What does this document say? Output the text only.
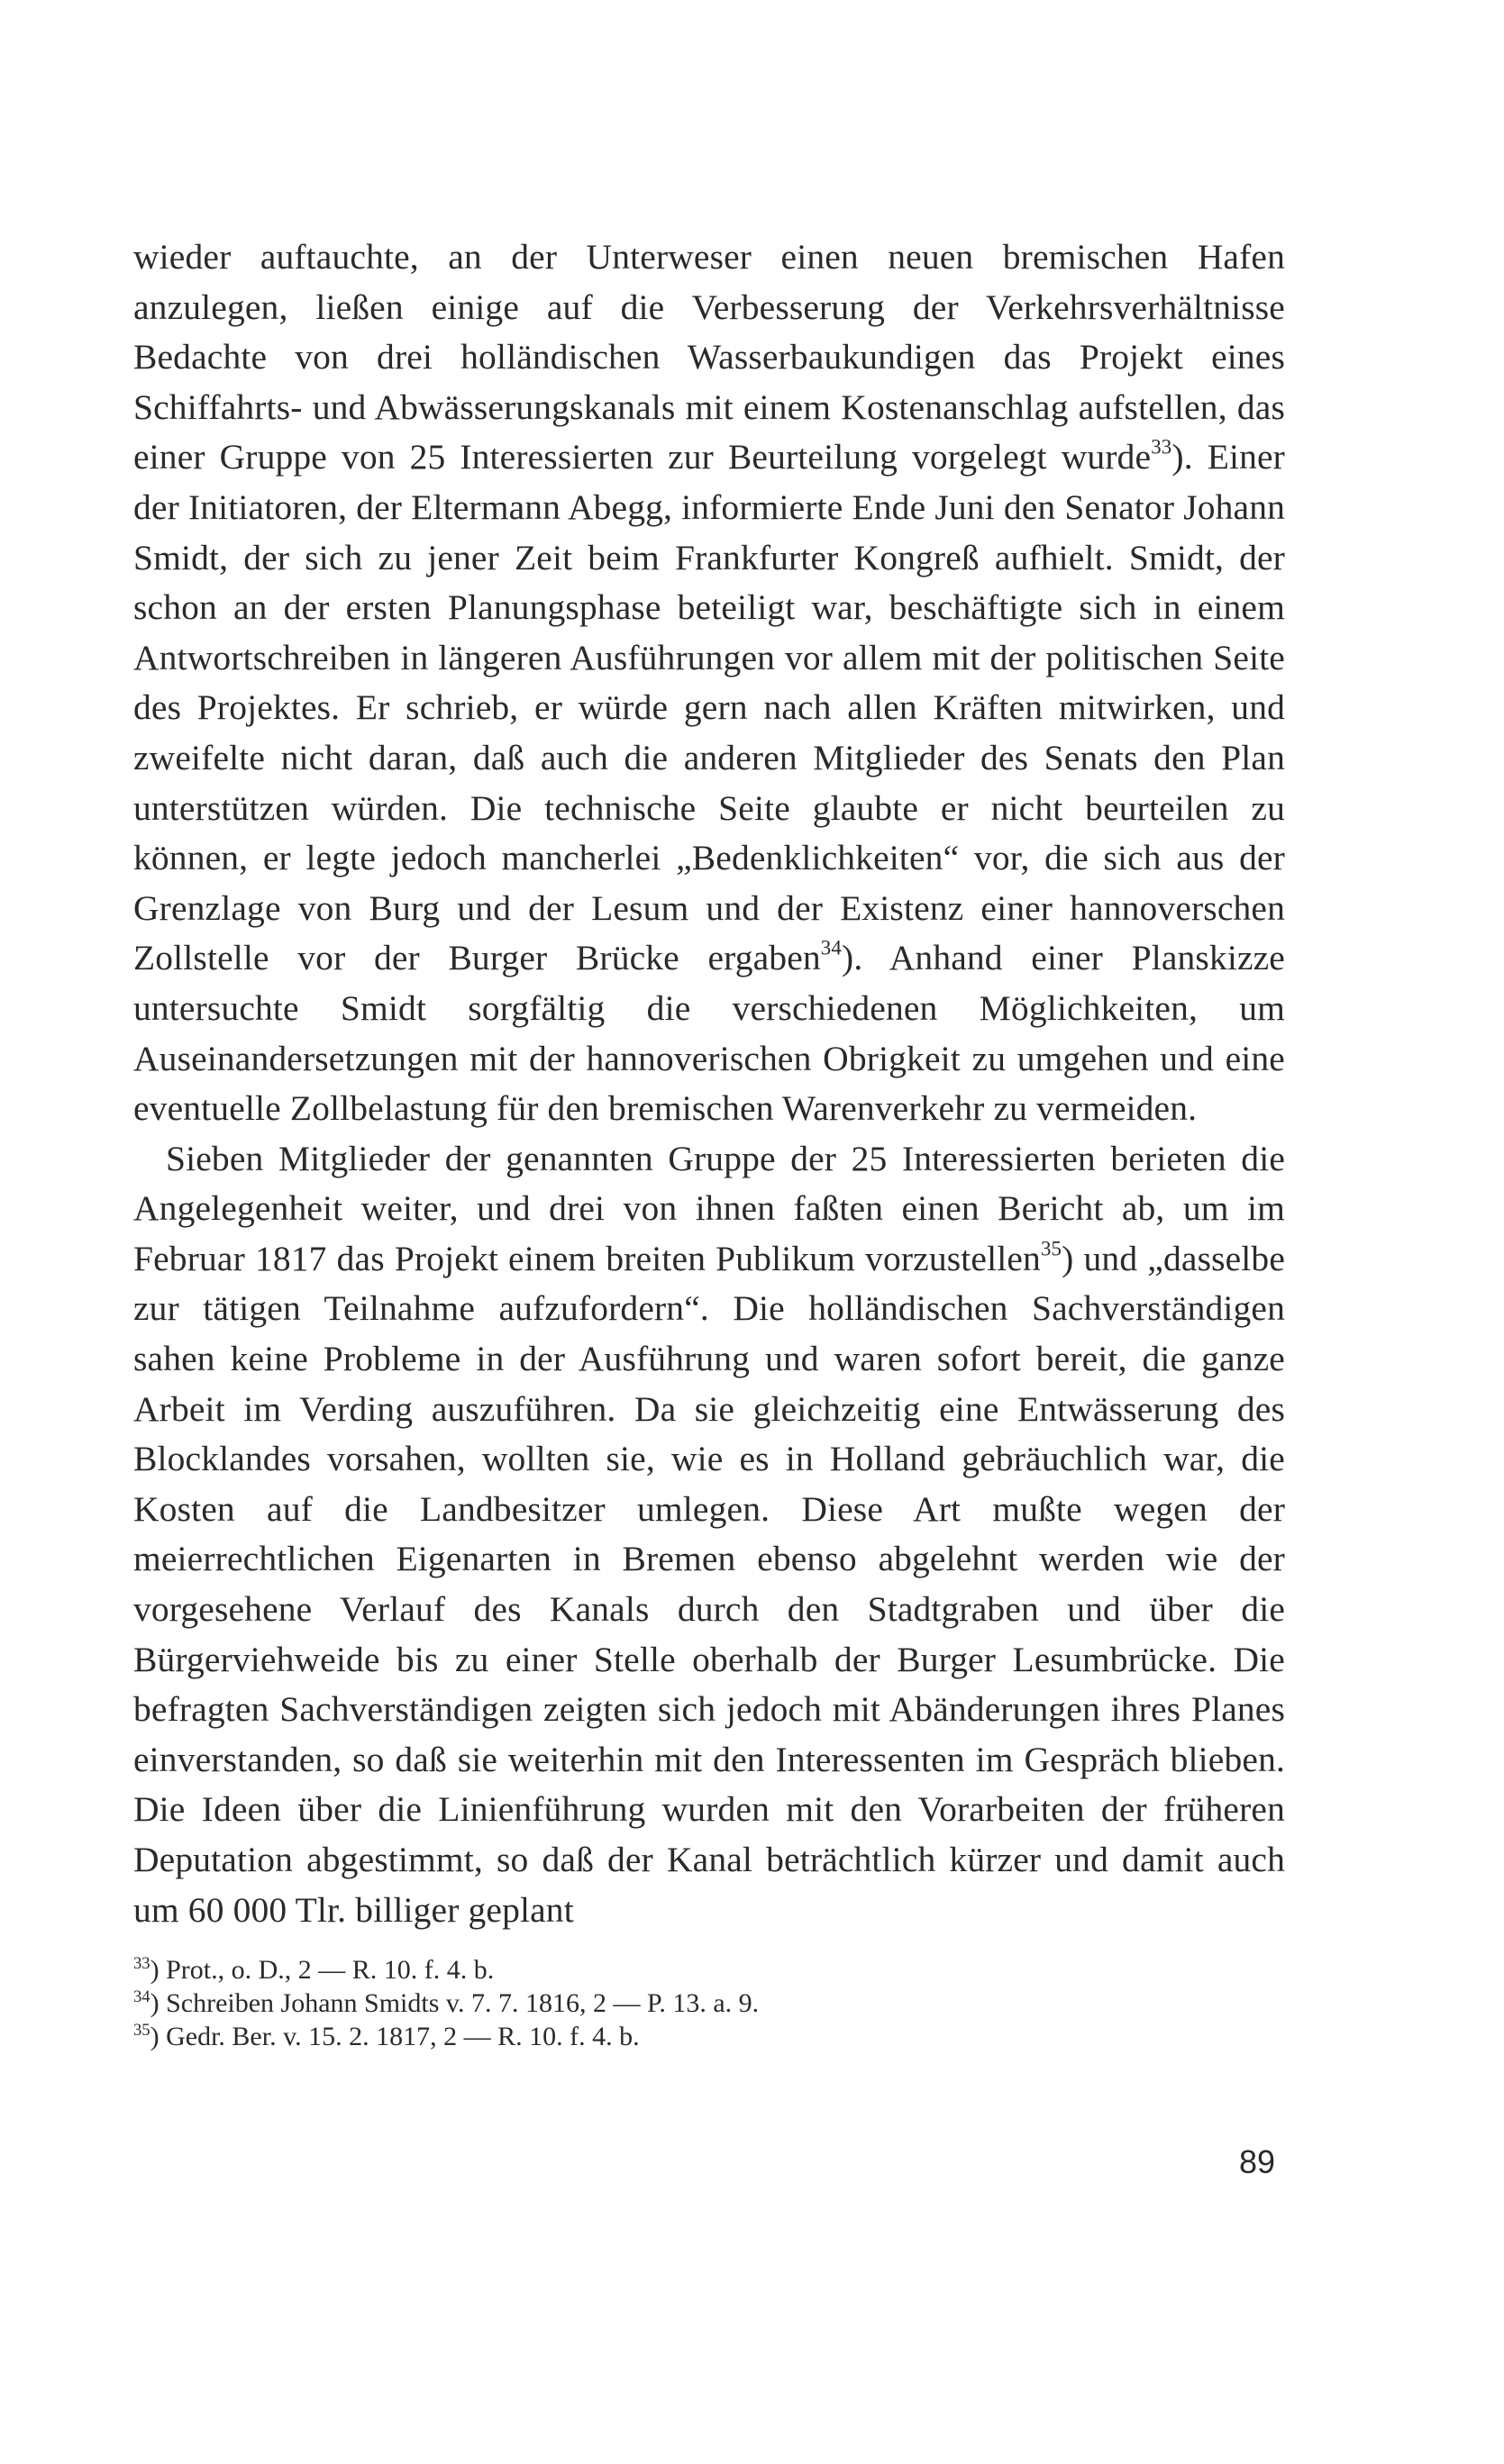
wieder auftauchte, an der Unterweser einen neuen bremischen Hafen anzulegen, ließen einige auf die Verbesserung der Verkehrsverhältnisse Bedachte von drei holländischen Wasserbaukundigen das Projekt eines Schiffahrts- und Abwässerungskanals mit einem Kostenanschlag aufstellen, das einer Gruppe von 25 Interessierten zur Beurteilung vorgelegt wurde$^{33}$). Einer der Initiatoren, der Eltermann Abegg, informierte Ende Juni den Senator Johann Smidt, der sich zu jener Zeit beim Frankfurter Kongreß aufhielt. Smidt, der schon an der ersten Planungsphase beteiligt war, beschäftigte sich in einem Antwortschreiben in längeren Ausführungen vor allem mit der politischen Seite des Projektes. Er schrieb, er würde gern nach allen Kräften mitwirken, und zweifelte nicht daran, daß auch die anderen Mitglieder des Senats den Plan unterstützen würden. Die technische Seite glaubte er nicht beurteilen zu können, er legte jedoch mancherlei „Bedenklichkeiten“ vor, die sich aus der Grenzlage von Burg und der Lesum und der Existenz einer hannoverschen Zollstelle vor der Burger Brücke ergaben$^{34}$). Anhand einer Planskizze untersuchte Smidt sorgfältig die verschiedenen Möglichkeiten, um Auseinandersetzungen mit der hannoverischen Obrigkeit zu umgehen und eine eventuelle Zollbelastung für den bremischen Warenverkehr zu vermeiden.

Sieben Mitglieder der genannten Gruppe der 25 Interessierten berieten die Angelegenheit weiter, und drei von ihnen faßten einen Bericht ab, um im Februar 1817 das Projekt einem breiten Publikum vorzustellen$^{35}$) und „dasselbe zur tätigen Teilnahme aufzufordern“. Die holländischen Sachverständigen sahen keine Probleme in der Ausführung und waren sofort bereit, die ganze Arbeit im Verding auszuführen. Da sie gleichzeitig eine Entwässerung des Blocklandes vorsahen, wollten sie, wie es in Holland gebräuchlich war, die Kosten auf die Landbesitzer umlegen. Diese Art mußte wegen der meierrechtlichen Eigenarten in Bremen ebenso abgelehnt werden wie der vorgesehene Verlauf des Kanals durch den Stadtgraben und über die Bürgerviehweide bis zu einer Stelle oberhalb der Burger Lesumbrücke. Die befragten Sachverständigen zeigten sich jedoch mit Abänderungen ihres Planes einverstanden, so daß sie weiterhin mit den Interessenten im Gespräch blieben. Die Ideen über die Linienführung wurden mit den Vorarbeiten der früheren Deputation abgestimmt, so daß der Kanal beträchtlich kürzer und damit auch um 60 000 Tlr. billiger geplant

$^{33}$) Prot., o. D., 2 — R. 10. f. 4. b.

$^{34}$) Schreiben Johann Smidts v. 7. 7. 1816, 2 — P. 13. a. 9.

$^{35}$) Gedr. Ber. v. 15. 2. 1817, 2 — R. 10. f. 4. b.

89
